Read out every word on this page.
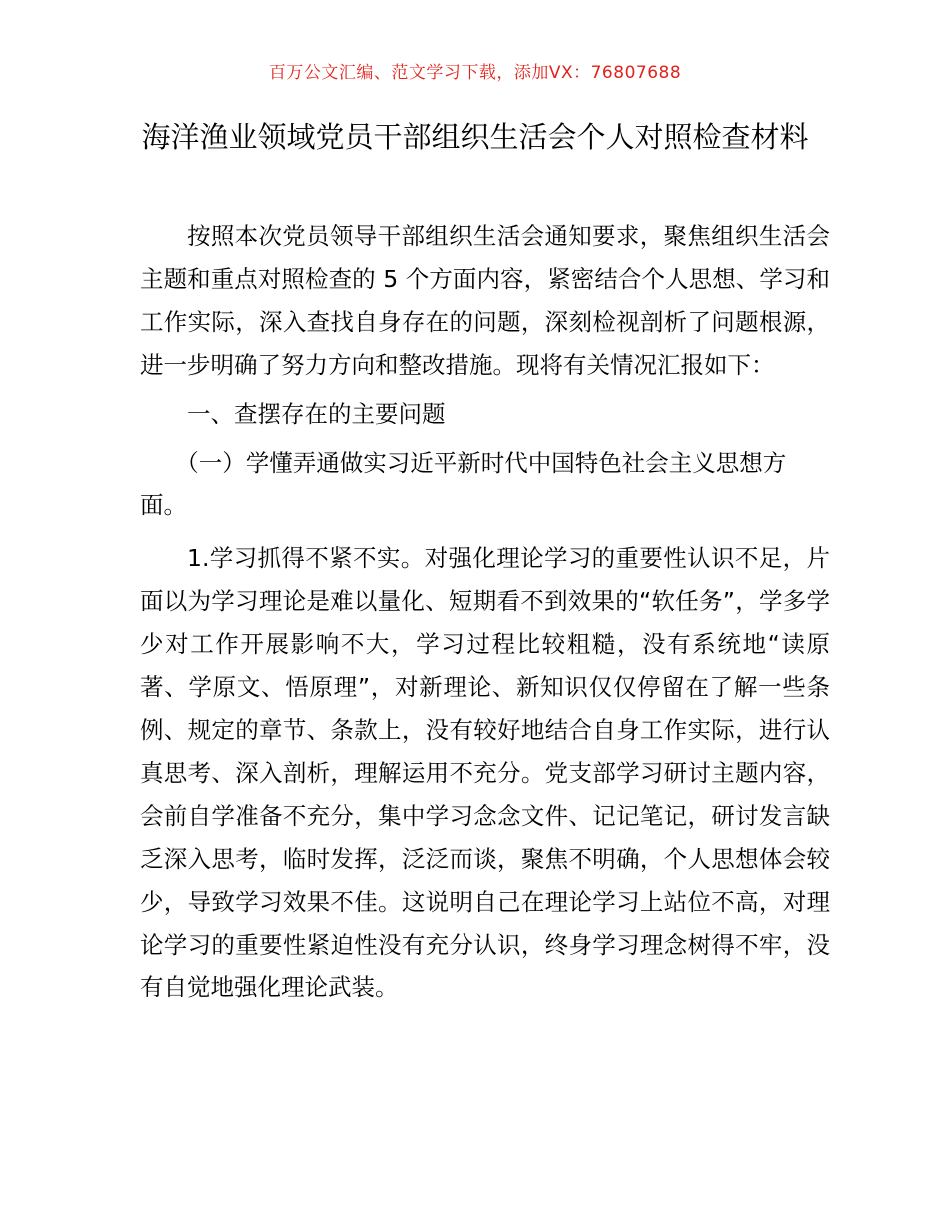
百万公文汇编、范文学习下载，添加VX：76807688
海洋渔业领域党员干部组织生活会个人对照检查材料

按照本次党员领导干部组织生活会通知要求，聚焦组织生活会主题和重点对照检查的 5 个方面内容，紧密结合个人思想、学习和工作实际，深入查找自身存在的问题，深刻检视剖析了问题根源，进一步明确了努力方向和整改措施。现将有关情况汇报如下：

一、查摆存在的主要问题

（一）学懂弄通做实习近平新时代中国特色社会主义思想方面。

1.学习抓得不紧不实。对强化理论学习的重要性认识不足，片面以为学习理论是难以量化、短期看不到效果的“软任务”，学多学少对工作开展影响不大，学习过程比较粗糙，没有系统地“读原著、学原文、悟原理”，对新理论、新知识仅仅停留在了解一些条例、规定的章节、条款上，没有较好地结合自身工作实际，进行认真思考、深入剖析，理解运用不充分。党支部学习研讨主题内容，会前自学准备不充分，集中学习念念文件、记记笔记，研讨发言缺乏深入思考，临时发挥，泛泛而谈，聚焦不明确，个人思想体会较少，导致学习效果不佳。这说明自己在理论学习上站位不高，对理论学习的重要性紧迫性没有充分认识，终身学习理念树得不牢，没有自觉地强化理论武装。
